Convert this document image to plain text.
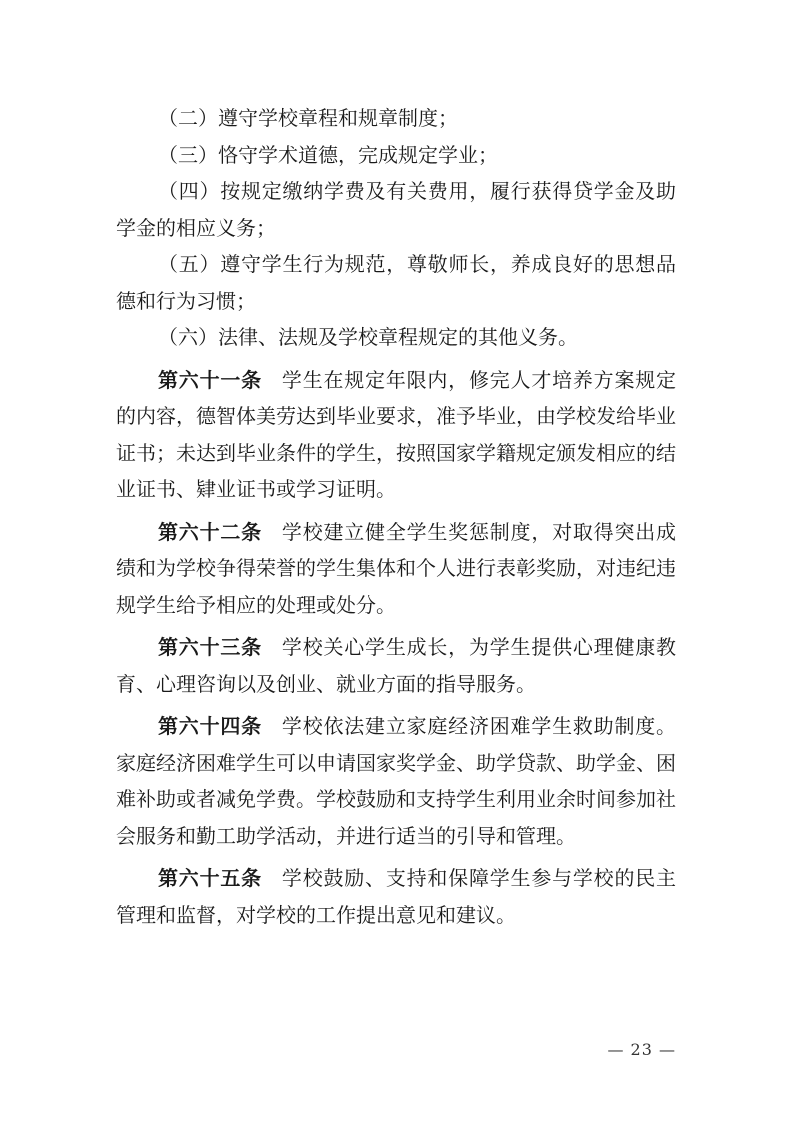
（二）遵守学校章程和规章制度；

（三）恪守学术道德，完成规定学业；

（四）按规定缴纳学费及有关费用，履行获得贷学金及助学金的相应义务；

（五）遵守学生行为规范，尊敬师长，养成良好的思想品德和行为习惯；

（六）法律、法规及学校章程规定的其他义务。

第六十一条 学生在规定年限内，修完人才培养方案规定的内容，德智体美劳达到毕业要求，准予毕业，由学校发给毕业证书；未达到毕业条件的学生，按照国家学籍规定颁发相应的结业证书、肄业证书或学习证明。

第六十二条 学校建立健全学生奖惩制度，对取得突出成绩和为学校争得荣誉的学生集体和个人进行表彰奖励，对违纪违规学生给予相应的处理或处分。

第六十三条 学校关心学生成长，为学生提供心理健康教育、心理咨询以及创业、就业方面的指导服务。

第六十四条 学校依法建立家庭经济困难学生救助制度。家庭经济困难学生可以申请国家奖学金、助学贷款、助学金、困难补助或者减免学费。学校鼓励和支持学生利用业余时间参加社会服务和勤工助学活动，并进行适当的引导和管理。

第六十五条 学校鼓励、支持和保障学生参与学校的民主管理和监督，对学校的工作提出意见和建议。

— 23 —
